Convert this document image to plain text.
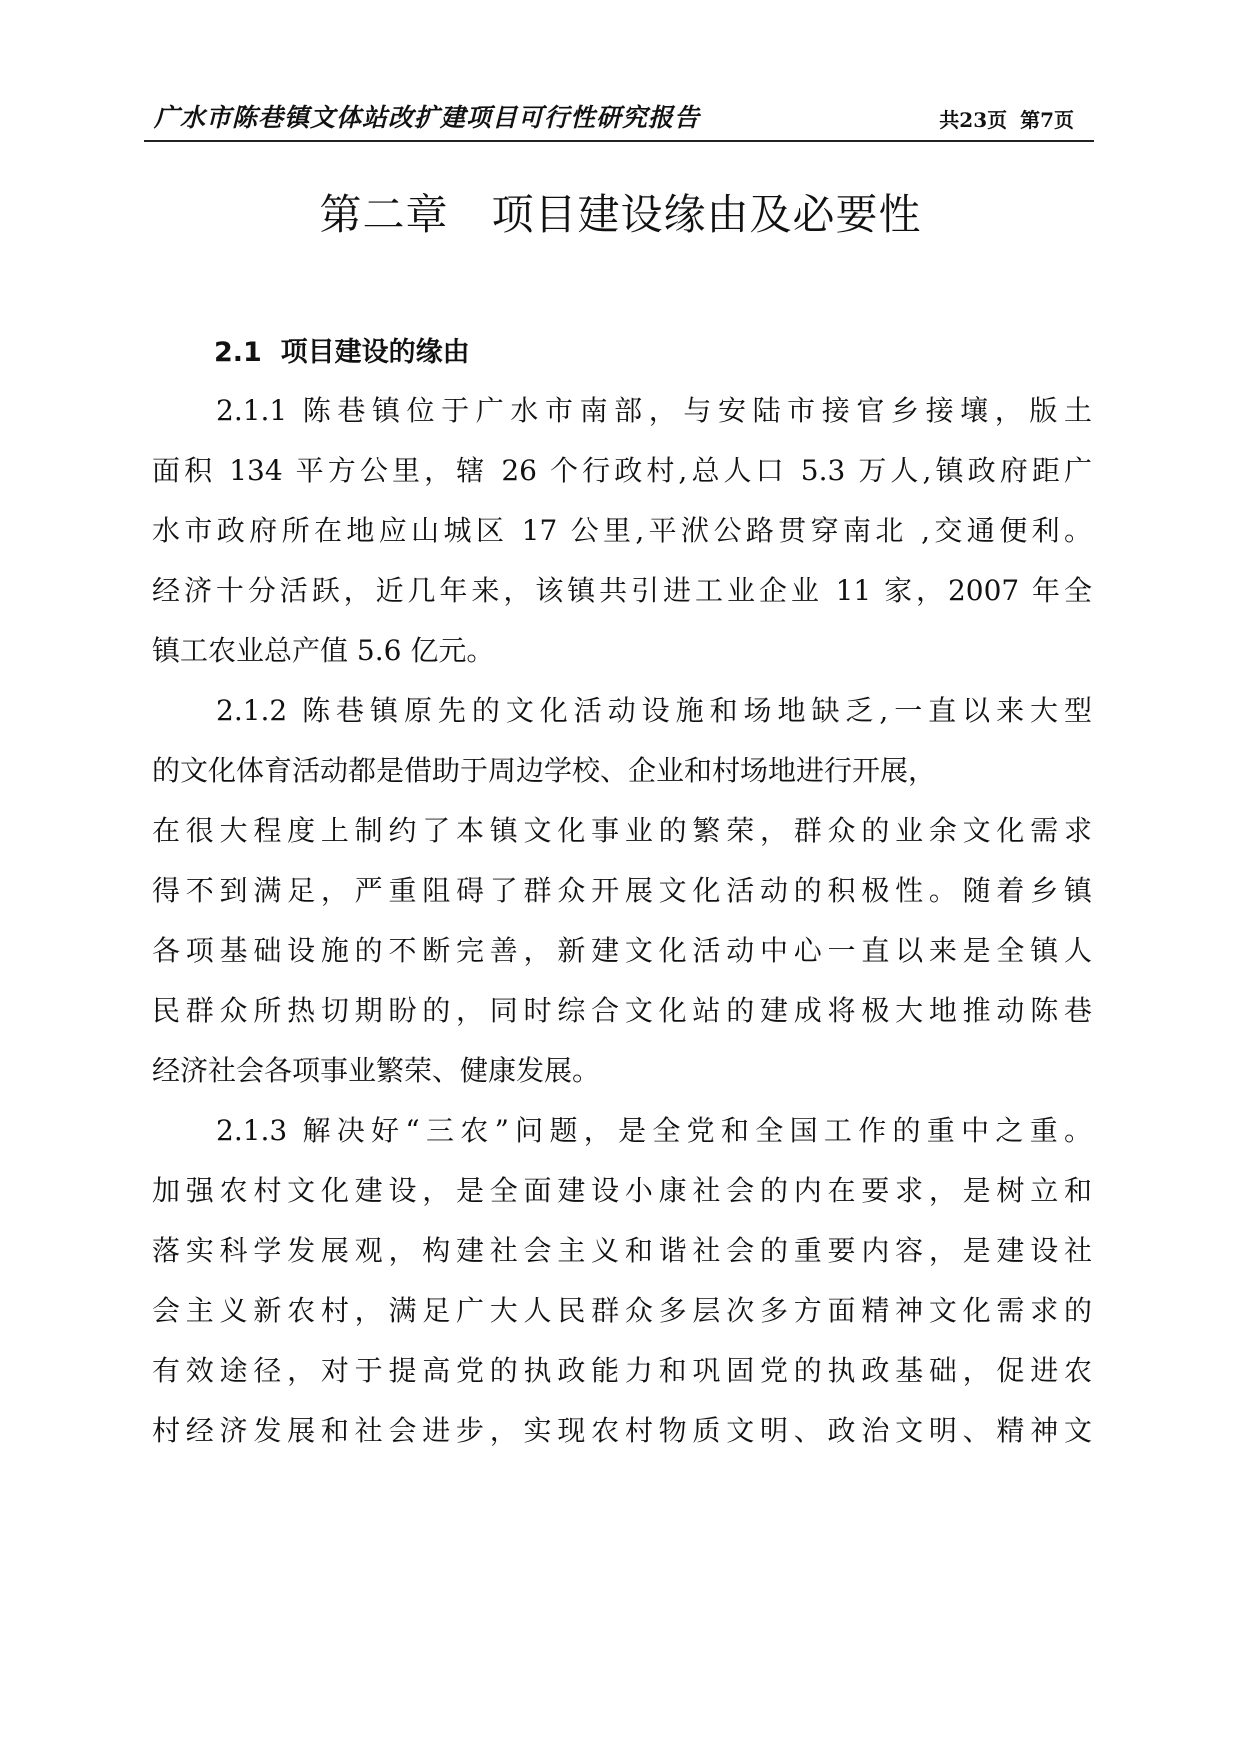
广水市陈巷镇文体站改扩建项目可行性研究报告	共23页 第7页
第二章   项目建设缘由及必要性
2.1  项目建设的缘由
2.1.1 陈巷镇位于广水市南部，与安陆市接官乡接壤，版土
面积 134 平方公里，辖 26 个行政村,总人口 5.3 万人,镇政府距广
水市政府所在地应山城区 17 公里,平洑公路贯穿南北 ,交通便利。
经济十分活跃，近几年来，该镇共引进工业企业 11 家，2007 年全
镇工农业总产值 5.6 亿元。
2.1.2 陈巷镇原先的文化活动设施和场地缺乏,一直以来大型
的文化体育活动都是借助于周边学校、企业和村场地进行开展，
在很大程度上制约了本镇文化事业的繁荣，群众的业余文化需求
得不到满足，严重阻碍了群众开展文化活动的积极性。随着乡镇
各项基础设施的不断完善，新建文化活动中心一直以来是全镇人
民群众所热切期盼的，同时综合文化站的建成将极大地推动陈巷
经济社会各项事业繁荣、健康发展。
2.1.3 解决好“三农”问题，是全党和全国工作的重中之重。
加强农村文化建设，是全面建设小康社会的内在要求，是树立和
落实科学发展观，构建社会主义和谐社会的重要内容，是建设社
会主义新农村，满足广大人民群众多层次多方面精神文化需求的
有效途径，对于提高党的执政能力和巩固党的执政基础，促进农
村经济发展和社会进步，实现农村物质文明、政治文明、精神文
